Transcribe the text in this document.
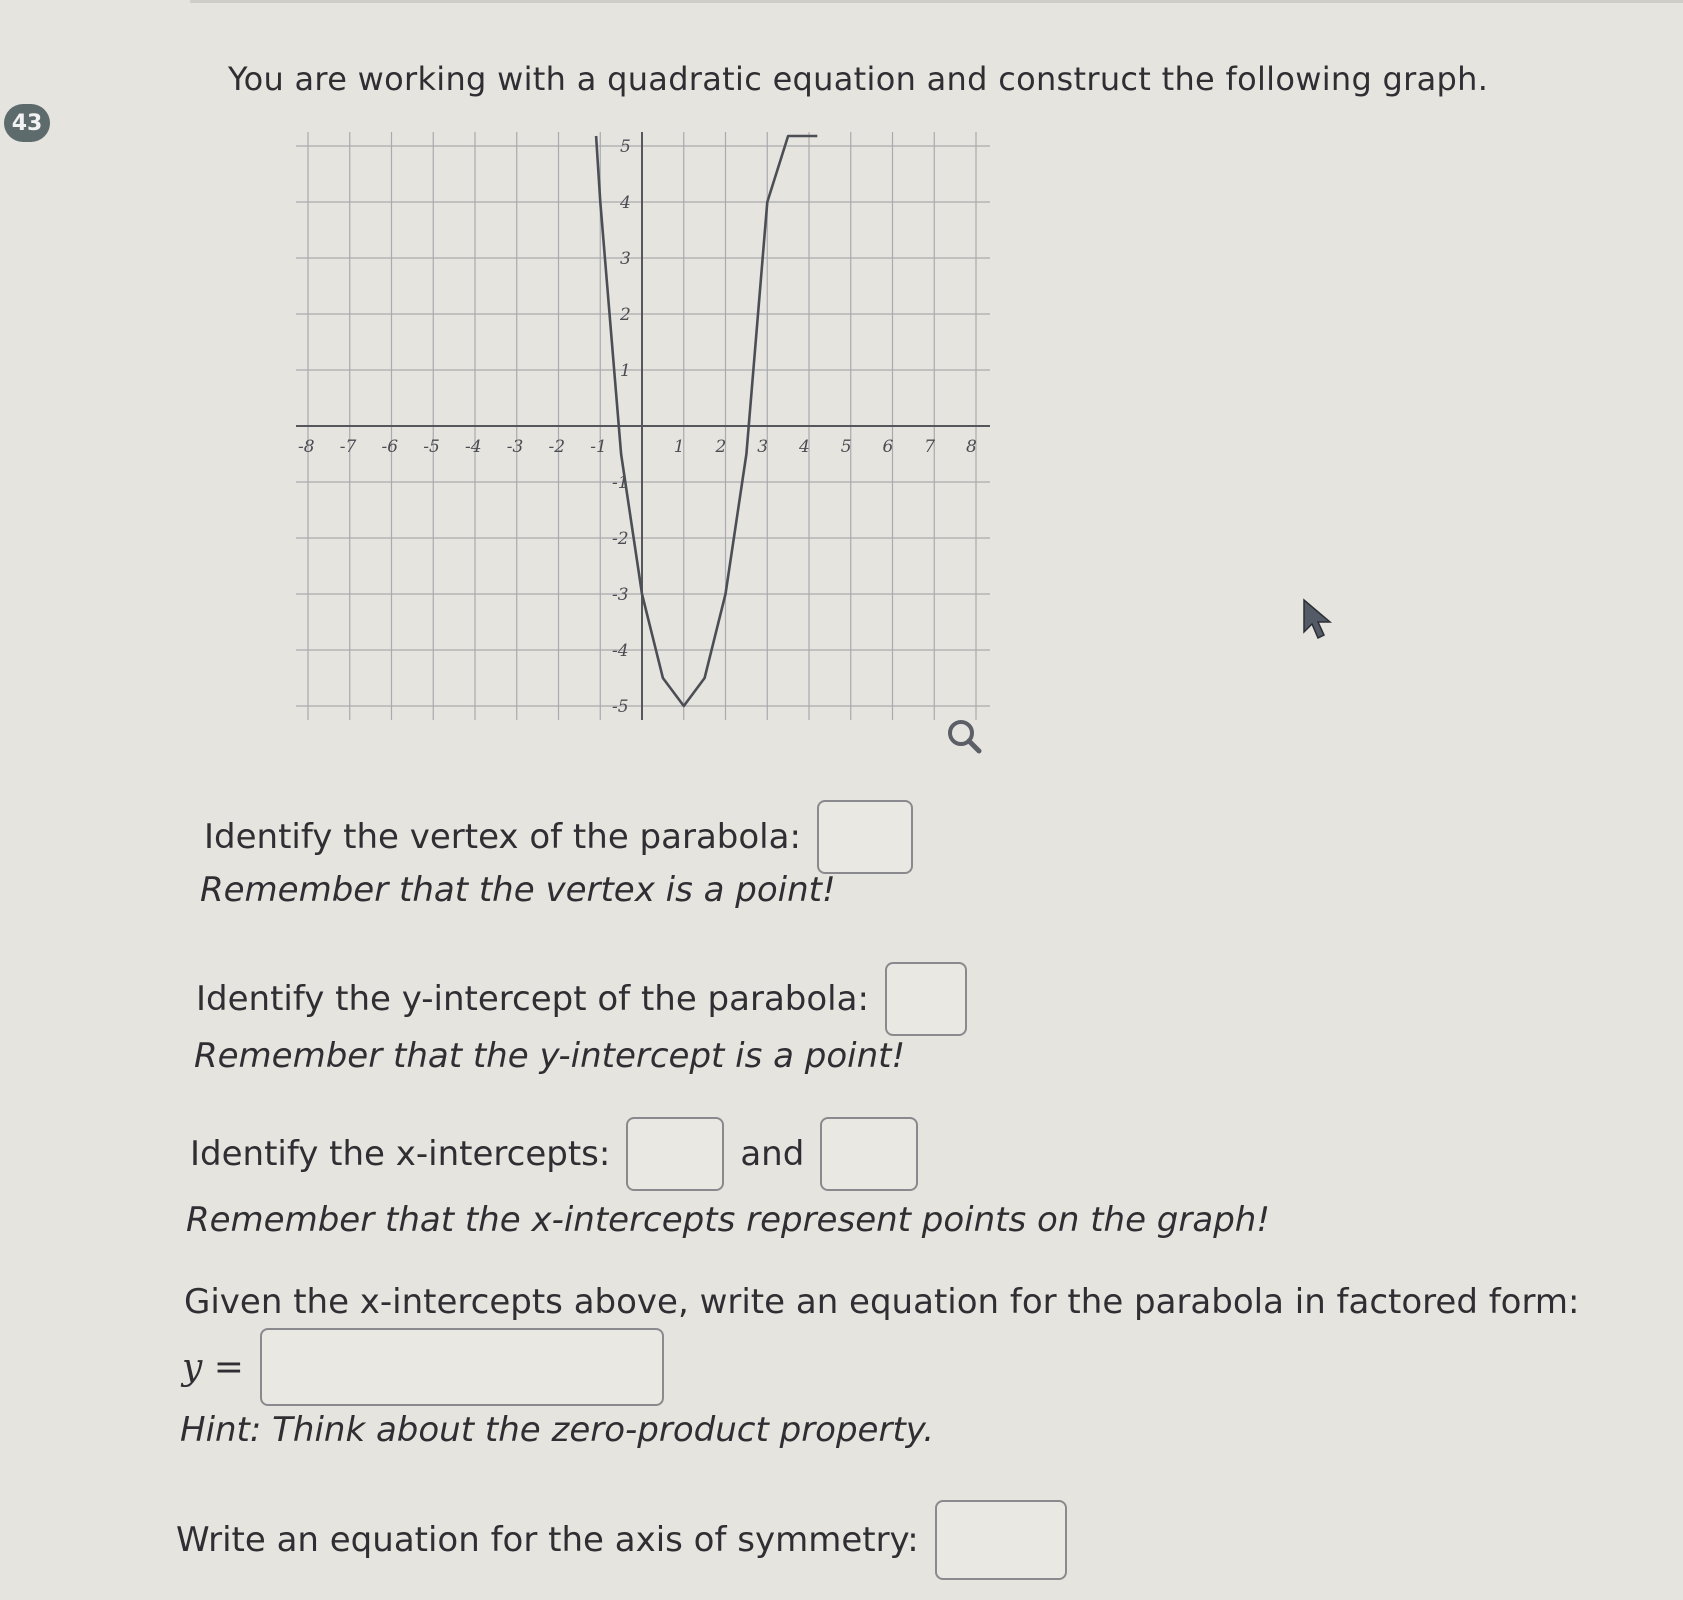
43
You are working with a quadratic equation and construct the following graph.
-8 -7 -6 -5 -4 -3 -2 -1	1 2 3 4 5 6 7 8
5
4
3
2
1
-1
-2
-3
-4
-5
Identify the vertex of the parabola:
Remember that the vertex is a point!
Identify the y-intercept of the parabola:
Remember that the y-intercept is a point!
Identify the x-intercepts:	and
Remember that the x-intercepts represent points on the graph!
Given the x-intercepts above, write an equation for the parabola in factored form:
y =
Hint: Think about the zero-product property.
Write an equation for the axis of symmetry:
